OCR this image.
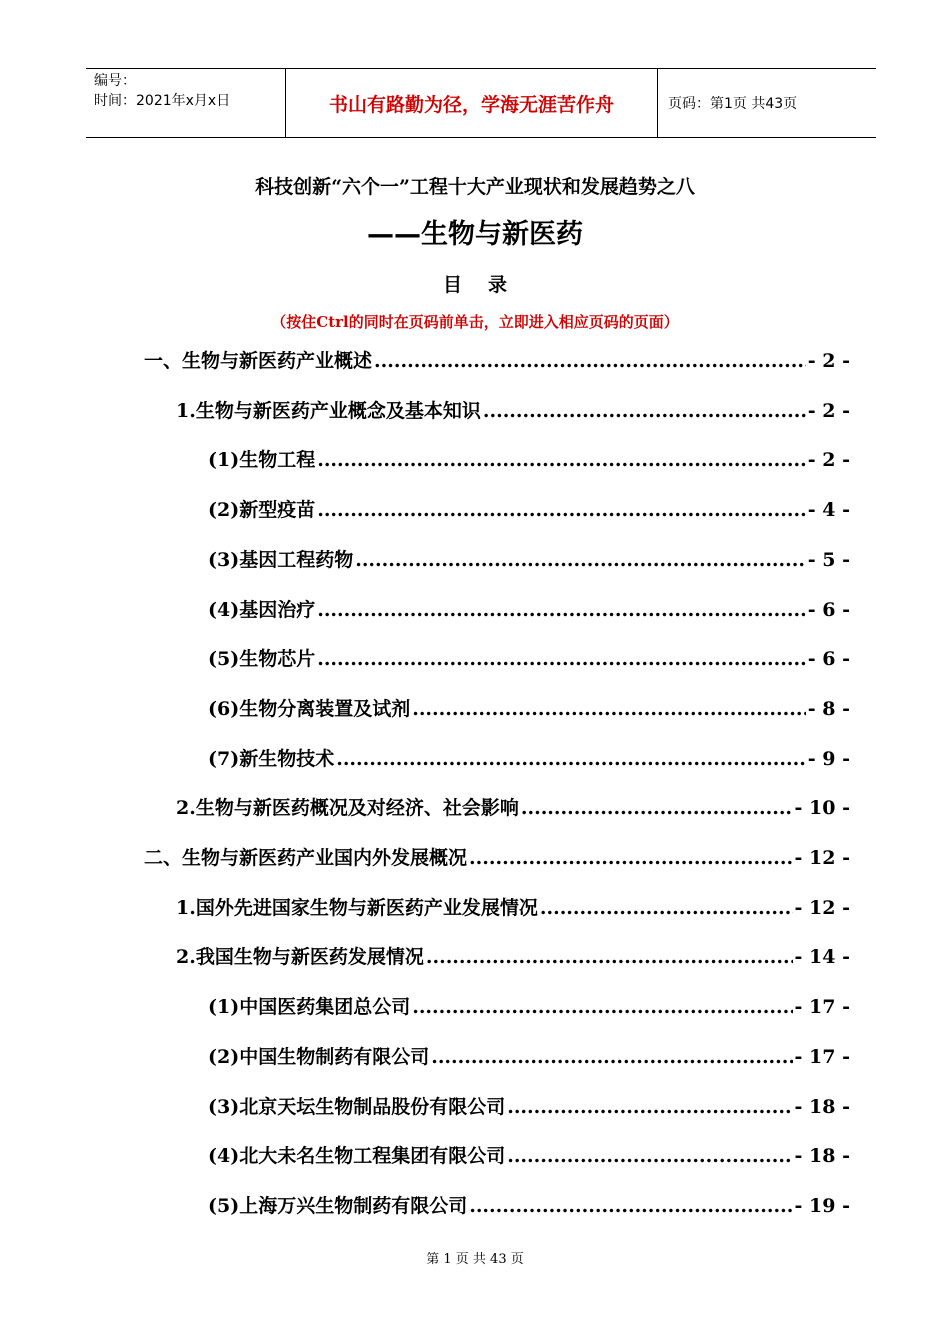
编号：
时间：2021年x月x日	书山有路勤为径，学海无涯苦作舟	页码：第1页 共43页
科技创新“六个一”工程十大产业现状和发展趋势之八
——生物与新医药
目 录
（按住Ctrl的同时在页码前单击，立即进入相应页码的页面）
一、生物与新医药产业概述 .....	- 2 -
1.生物与新医药产业概念及基本知识 .....	- 2 -
(1)生物工程 .....	- 2 -
(2)新型疫苗 .....	- 4 -
(3)基因工程药物 .....	- 5 -
(4)基因治疗 .....	- 6 -
(5)生物芯片 .....	- 6 -
(6)生物分离装置及试剂 .....	- 8 -
(7)新生物技术 .....	- 9 -
2.生物与新医药概况及对经济、社会影响 .....	- 10 -
二、生物与新医药产业国内外发展概况 .....	- 12 -
1.国外先进国家生物与新医药产业发展情况 .....	- 12 -
2.我国生物与新医药发展情况 .....	- 14 -
(1)中国医药集团总公司 .....	- 17 -
(2)中国生物制药有限公司 .....	- 17 -
(3)北京天坛生物制品股份有限公司 .....	- 18 -
(4)北大未名生物工程集团有限公司 .....	- 18 -
(5)上海万兴生物制药有限公司 .....	- 19 -
第 1 页 共 43 页
